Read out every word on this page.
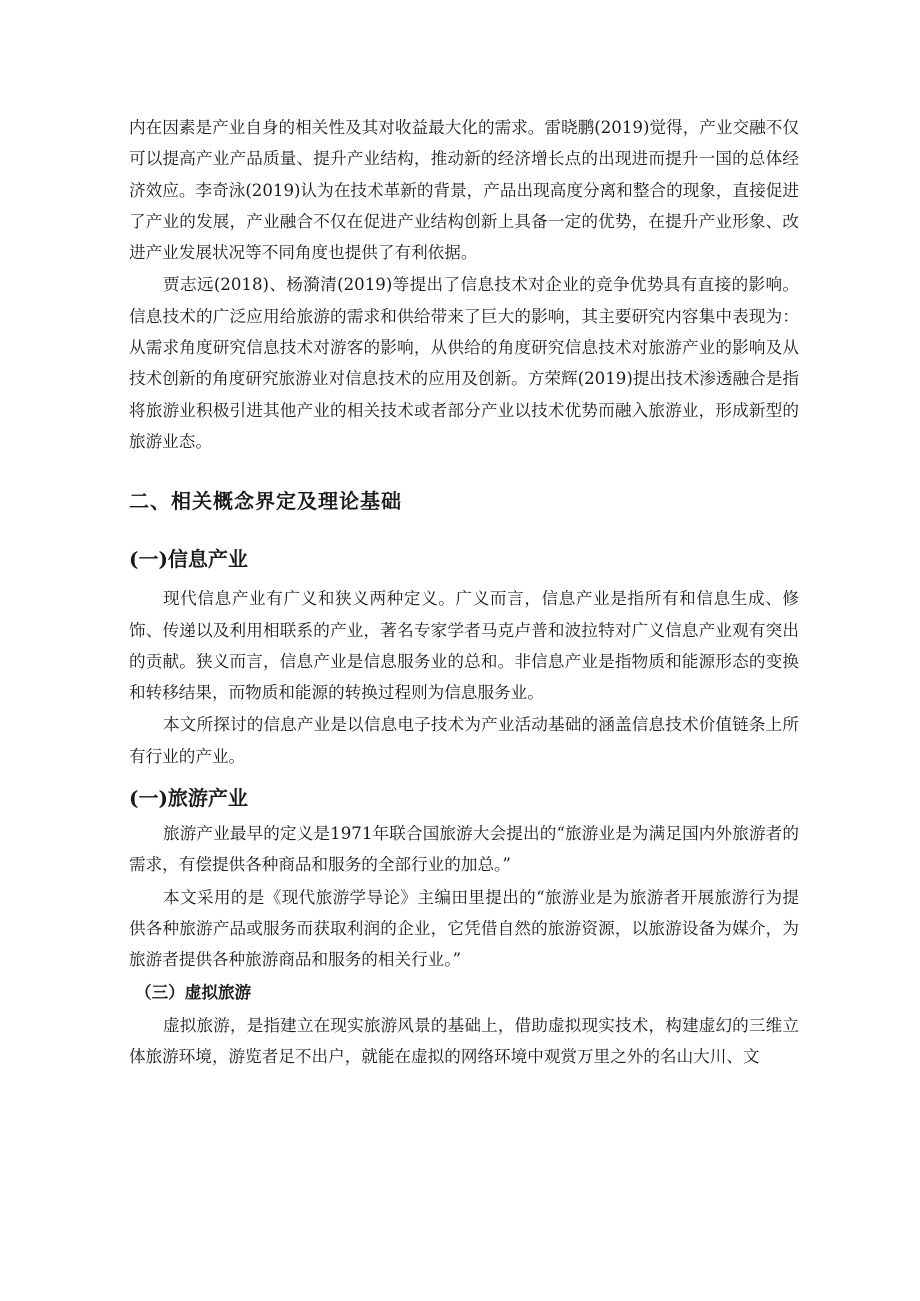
内在因素是产业自身的相关性及其对收益最大化的需求。雷晓鹏(2019)觉得，产业交融不仅可以提高产业产品质量、提升产业结构，推动新的经济增长点的出现进而提升一国的总体经济效应。李奇泳(2019)认为在技术革新的背景，产品出现高度分离和整合的现象，直接促进了产业的发展，产业融合不仅在促进产业结构创新上具备一定的优势，在提升产业形象、改进产业发展状况等不同角度也提供了有利依据。

贾志远(2018)、杨漪清(2019)等提出了信息技术对企业的竞争优势具有直接的影响。信息技术的广泛应用给旅游的需求和供给带来了巨大的影响，其主要研究内容集中表现为：从需求角度研究信息技术对游客的影响，从供给的角度研究信息技术对旅游产业的影响及从技术创新的角度研究旅游业对信息技术的应用及创新。方荣辉(2019)提出技术渗透融合是指将旅游业积极引进其他产业的相关技术或者部分产业以技术优势而融入旅游业，形成新型的旅游业态。

二、相关概念界定及理论基础
(一)信息产业

现代信息产业有广义和狭义两种定义。广义而言，信息产业是指所有和信息生成、修饰、传递以及利用相联系的产业，著名专家学者马克卢普和波拉特对广义信息产业观有突出的贡献。狭义而言，信息产业是信息服务业的总和。非信息产业是指物质和能源形态的变换和转移结果，而物质和能源的转换过程则为信息服务业。

本文所探讨的信息产业是以信息电子技术为产业活动基础的涵盖信息技术价值链条上所有行业的产业。

(一)旅游产业

旅游产业最早的定义是1971年联合国旅游大会提出的“旅游业是为满足国内外旅游者的需求，有偿提供各种商品和服务的全部行业的加总。”

本文采用的是《现代旅游学导论》主编田里提出的“旅游业是为旅游者开展旅游行为提供各种旅游产品或服务而获取利润的企业，它凭借自然的旅游资源，以旅游设备为媒介，为旅游者提供各种旅游商品和服务的相关行业。”

（三）虚拟旅游

虚拟旅游，是指建立在现实旅游风景的基础上，借助虚拟现实技术，构建虚幻的三维立体旅游环境，游览者足不出户，就能在虚拟的网络环境中观赏万里之外的名山大川、文
